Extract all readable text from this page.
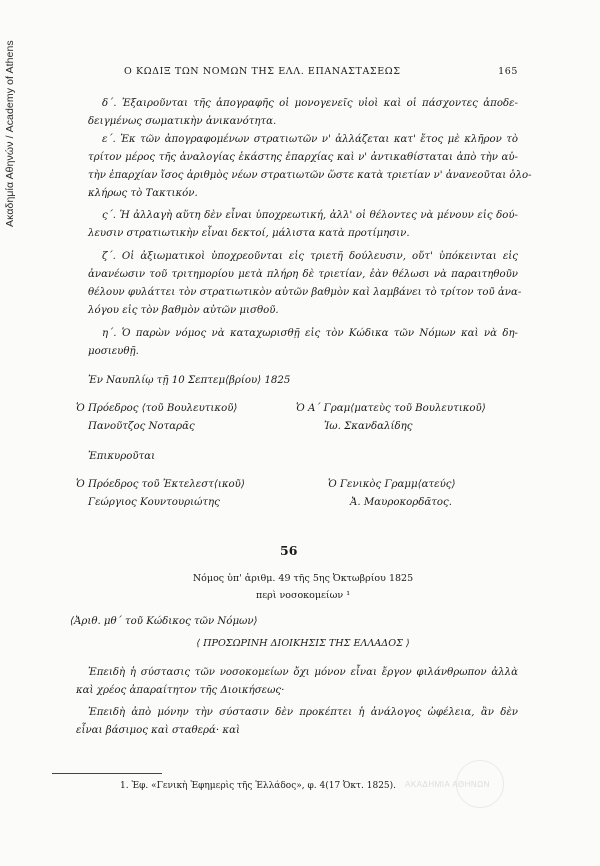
Ακαδημία Αθηνών / Academy of Athens	Ο ΚΩΔΙΞ ΤΩΝ ΝΟΜΩΝ ΤΗΣ ΕΛΛ. ΕΠΑΝΑΣΤΑΣΕΩΣ	165
δ΄. Ἐξαιροῦνται τῆς ἀπογραφῆς οἱ μονογενεῖς υἱοὶ καὶ οἱ πάσχοντες ἀποδε-
δειγμένως σωματικὴν ἀνικανότητα.
ε΄. Ἐκ τῶν ἀπογραφομένων στρατιωτῶν ν' ἀλλάζεται κατ' ἔτος μὲ κλῆρον τὸ
τρίτον μέρος τῆς ἀναλογίας ἑκάστης ἐπαρχίας καὶ ν' ἀντικαθίσταται ἀπὸ τὴν αὐ-
τὴν ἐπαρχίαν ἴσος ἀριθμὸς νέων στρατιωτῶν ὥστε κατὰ τριετίαν ν' ἀνανεοῦται ὁλο-
κλήρως τὸ Τακτικόν.
ς΄. Ἡ ἀλλαγὴ αὕτη δὲν εἶναι ὑποχρεωτική, ἀλλ' οἱ θέλοντες νὰ μένουν εἰς δού-
λευσιν στρατιωτικὴν εἶναι δεκτοί, μάλιστα κατὰ προτίμησιν.
ζ΄. Οἱ ἀξιωματικοὶ ὑποχρεοῦνται εἰς τριετῆ δούλευσιν, οὔτ' ὑπόκεινται εἰς
ἀνανέωσιν τοῦ τριτημορίου μετὰ πλήρη δὲ τριετίαν, ἐὰν θέλωσι νὰ παραιτηθοῦν
θέλουν φυλάττει τὸν στρατιωτικὸν αὐτῶν βαθμὸν καὶ λαμβάνει τὸ τρίτον τοῦ ἀνα-
λόγου εἰς τὸν βαθμὸν αὐτῶν μισθοῦ.
η΄. Ὁ παρὼν νόμος νὰ καταχωρισθῇ εἰς τὸν Κώδικα τῶν Νόμων καὶ νὰ δη-
μοσιευθῇ.
Ἐν Ναυπλίῳ τῇ 10 Σεπτεμ⟨βρίου⟩ 1825
Ὁ Πρόεδρος ⟨τοῦ Βουλευτικοῦ⟩
Πανοῦτζος Νοταρᾶς
Ὁ Α΄ Γραμ⟨ματεὺς τοῦ Βουλευτικοῦ⟩
Ἰω. Σκανδαλίδης
Ἐπικυροῦται
Ὁ Πρόεδρος τοῦ Ἐκτελεστ⟨ικοῦ⟩
Γεώργιος Κουντουριώτης
Ὁ Γενικὸς Γραμμ⟨ατεύς⟩
Ἀ. Μαυροκορδᾶτος.
56
Νόμος ὑπ' ἀριθμ. 49 τῆς 5ης Ὀκτωβρίου 1825
περὶ νοσοκομείων ¹
⟨Ἀριθ. μθ΄ τοῦ Κώδικος τῶν Νόμων⟩
⟨ ΠΡΟΣΩΡΙΝΗ ΔΙΟΙΚΗΣΙΣ ΤΗΣ ΕΛΛΑΔΟΣ ⟩
Ἐπειδὴ ἡ σύστασις τῶν νοσοκομείων ὄχι μόνον εἶναι ἔργον φιλάνθρωπον ἀλλὰ
καὶ χρέος ἀπαραίτητον τῆς Διοικήσεως·
Ἐπειδὴ ἀπὸ μόνην τὴν σύστασιν δὲν προκέπτει ἡ ἀνάλογος ὠφέλεια, ἂν δὲν
εἶναι βάσιμος καὶ σταθερά· καὶ
1. Ἐφ. «Γενικὴ Ἐφημερὶς τῆς Ἑλλάδος», φ. 4(17 Ὀκτ. 1825). ΑΚΑΔΗΜΙΑ ΑΘΗΝΩΝ
